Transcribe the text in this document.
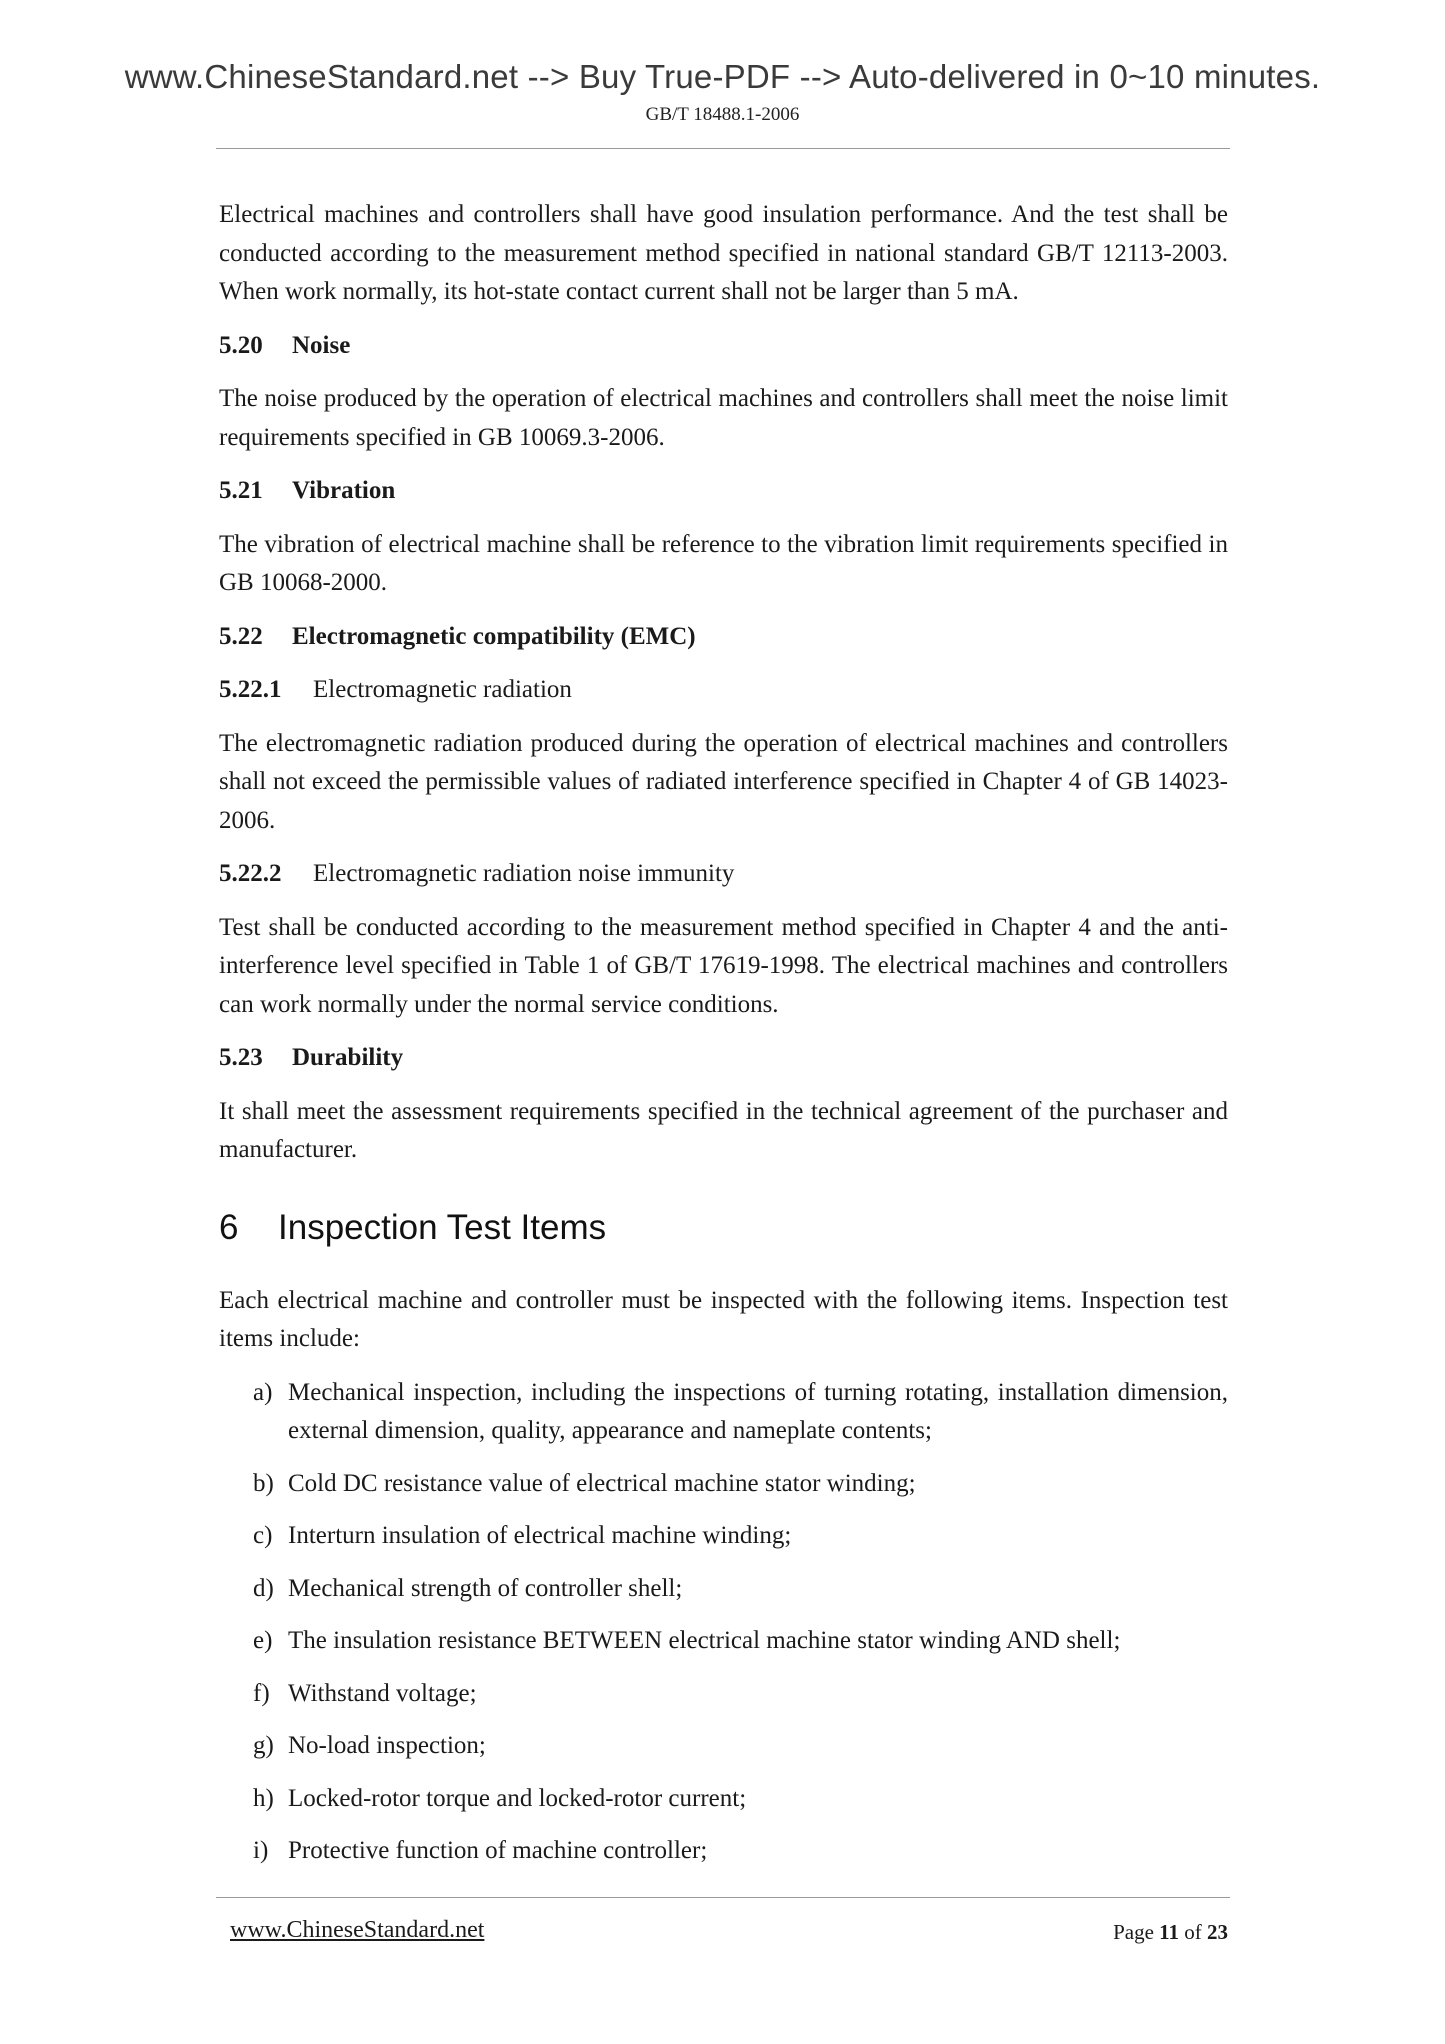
www.ChineseStandard.net --> Buy True-PDF --> Auto-delivered in 0~10 minutes.
GB/T 18488.1-2006

Electrical machines and controllers shall have good insulation performance. And the test shall be conducted according to the measurement method specified in national standard GB/T 12113-2003. When work normally, its hot-state contact current shall not be larger than 5 mA.

5.20 Noise

The noise produced by the operation of electrical machines and controllers shall meet the noise limit requirements specified in GB 10069.3-2006.

5.21 Vibration

The vibration of electrical machine shall be reference to the vibration limit requirements specified in GB 10068-2000.

5.22 Electromagnetic compatibility (EMC)
5.22.1 Electromagnetic radiation

The electromagnetic radiation produced during the operation of electrical machines and controllers shall not exceed the permissible values of radiated interference specified in Chapter 4 of GB 14023-2006.

5.22.2 Electromagnetic radiation noise immunity

Test shall be conducted according to the measurement method specified in Chapter 4 and the anti-interference level specified in Table 1 of GB/T 17619-1998. The electrical machines and controllers can work normally under the normal service conditions.

5.23 Durability

It shall meet the assessment requirements specified in the technical agreement of the purchaser and manufacturer.

6 Inspection Test Items

Each electrical machine and controller must be inspected with the following items. Inspection test items include:

a) Mechanical inspection, including the inspections of turning rotating, installation dimension, external dimension, quality, appearance and nameplate contents;
b) Cold DC resistance value of electrical machine stator winding;
c) Interturn insulation of electrical machine winding;
d) Mechanical strength of controller shell;
e) The insulation resistance BETWEEN electrical machine stator winding AND shell;
f) Withstand voltage;
g) No-load inspection;
h) Locked-rotor torque and locked-rotor current;
i) Protective function of machine controller;
www.ChineseStandard.net	Page 11 of 23
